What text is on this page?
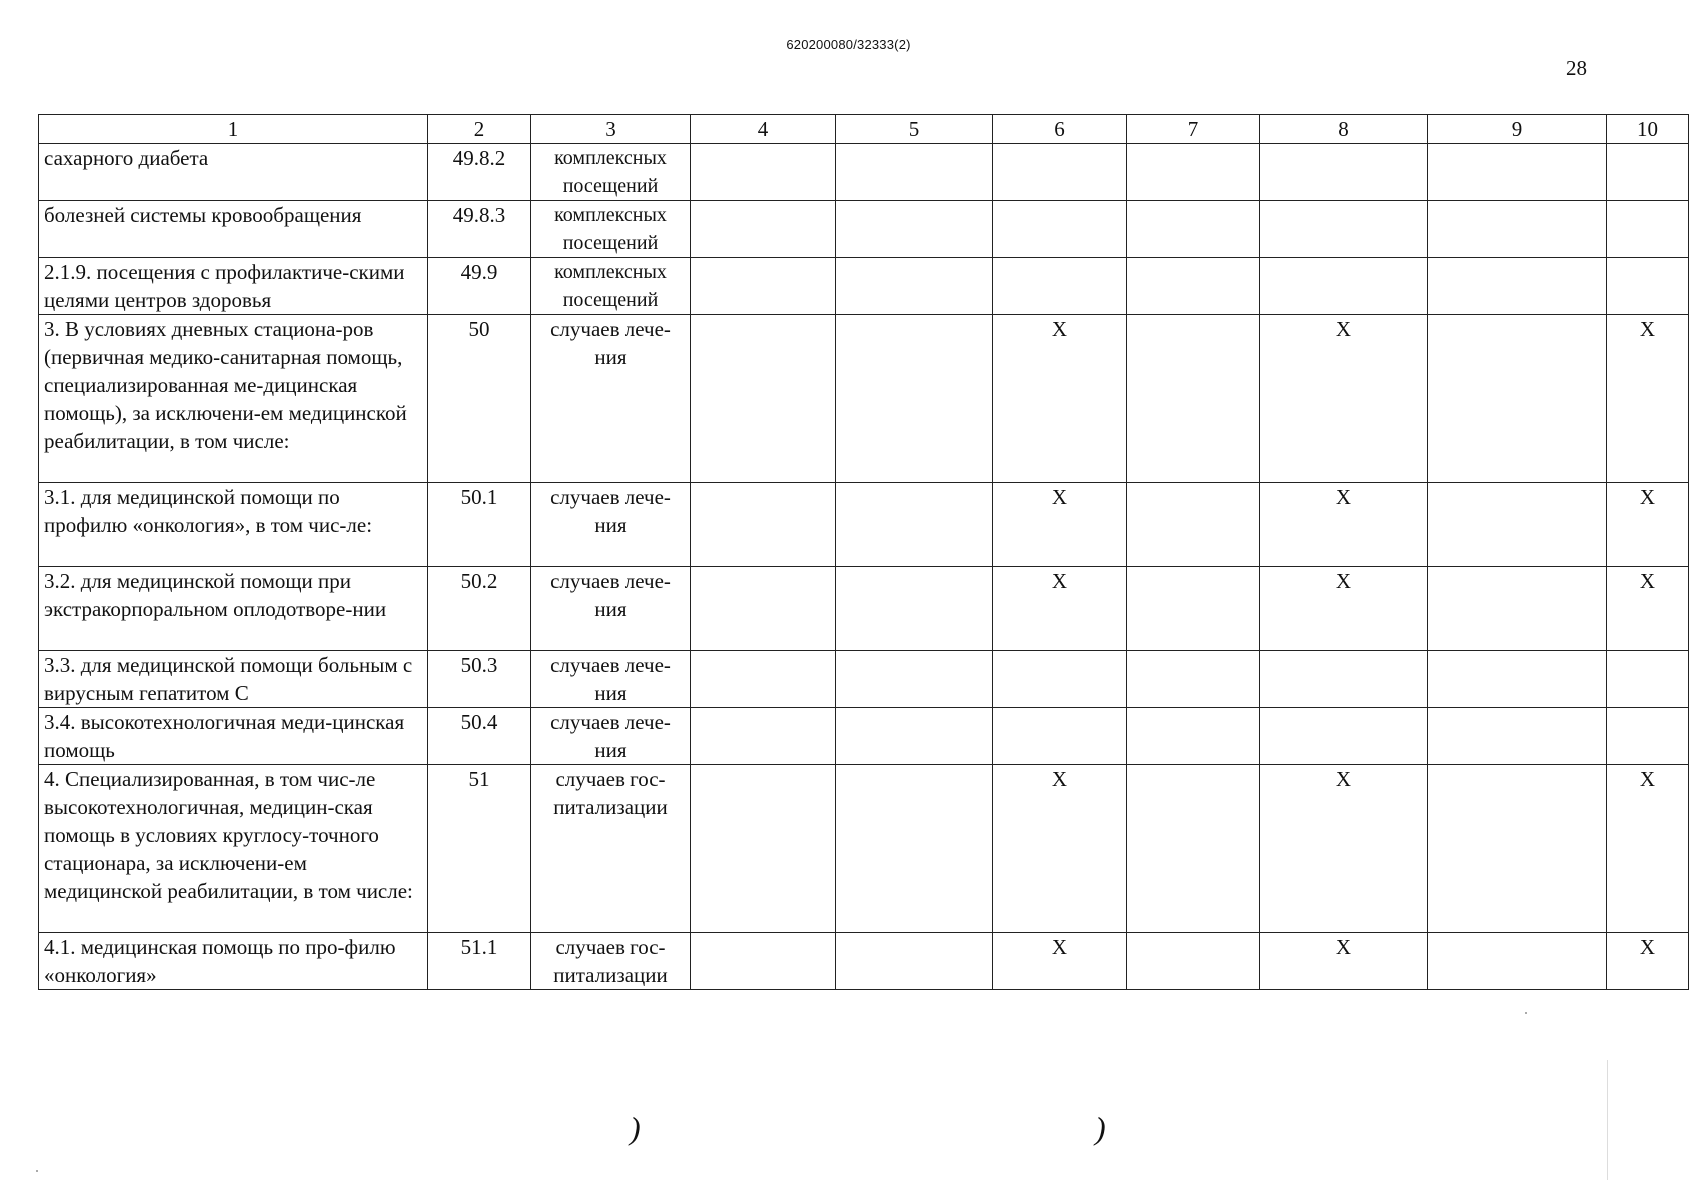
620200080/32333(2)
28
1	2	3	4	5	6	7	8	9	10
сахарного диабета	49.8.2	комплексных посещений							
болезней системы кровообращения	49.8.3	комплексных посещений							
2.1.9. посещения с профилактиче-скими целями центров здоровья	49.9	комплексных посещений							
3. В условиях дневных стациона-ров (первичная медико-санитарная помощь, специализированная ме-дицинская помощь), за исключени-ем медицинской реабилитации, в том числе:	50	случаев лече-ния			X		X		X
3.1. для медицинской помощи по профилю «онкология», в том чис-ле:	50.1	случаев лече-ния			X		X		X
3.2. для медицинской помощи при экстракорпоральном оплодотворе-нии	50.2	случаев лече-ния			X		X		X
3.3. для медицинской помощи больным с вирусным гепатитом С	50.3	случаев лече-ния							
3.4. высокотехнологичная меди-цинская помощь	50.4	случаев лече-ния							
4. Специализированная, в том чис-ле высокотехнологичная, медицин-ская помощь в условиях круглосу-точного стационара, за исключени-ем медицинской реабилитации, в том числе:	51	случаев гос-питализации			X		X		X
4.1. медицинская помощь по про-филю «онкология»	51.1	случаев гос-питализации			X		X		X
)	)
